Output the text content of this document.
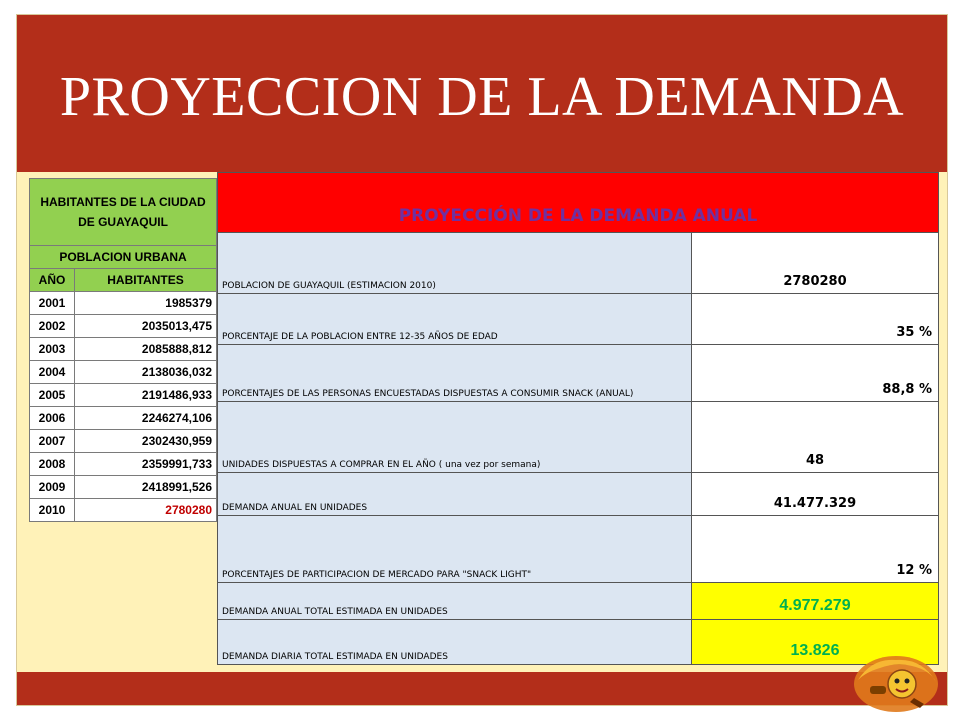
PROYECCION DE LA DEMANDA
HABITANTES DE LA CIUDAD DE GUAYAQUIL	
POBLACION URBANA	
AÑO	HABITANTES
2001	1985379
2002	2035013,475
2003	2085888,812
2004	2138036,032
2005	2191486,933
2006	2246274,106
2007	2302430,959
2008	2359991,733
2009	2418991,526
2010	2780280
PROYECCIÓN DE LA DEMANDA ANUAL	
POBLACION DE GUAYAQUIL (ESTIMACION 2010)	2780280
PORCENTAJE DE LA POBLACION ENTRE 12-35 AÑOS DE EDAD	35 %
PORCENTAJES DE LAS PERSONAS ENCUESTADAS DISPUESTAS A CONSUMIR SNACK (ANUAL)	88,8 %
UNIDADES DISPUESTAS A COMPRAR EN EL AÑO ( una vez por semana)	48
DEMANDA ANUAL EN UNIDADES	41.477.329
PORCENTAJES DE PARTICIPACION DE MERCADO PARA "SNACK LIGHT"	12 %
DEMANDA ANUAL TOTAL ESTIMADA EN UNIDADES	4.977.279
DEMANDA DIARIA TOTAL ESTIMADA EN UNIDADES	13.826
